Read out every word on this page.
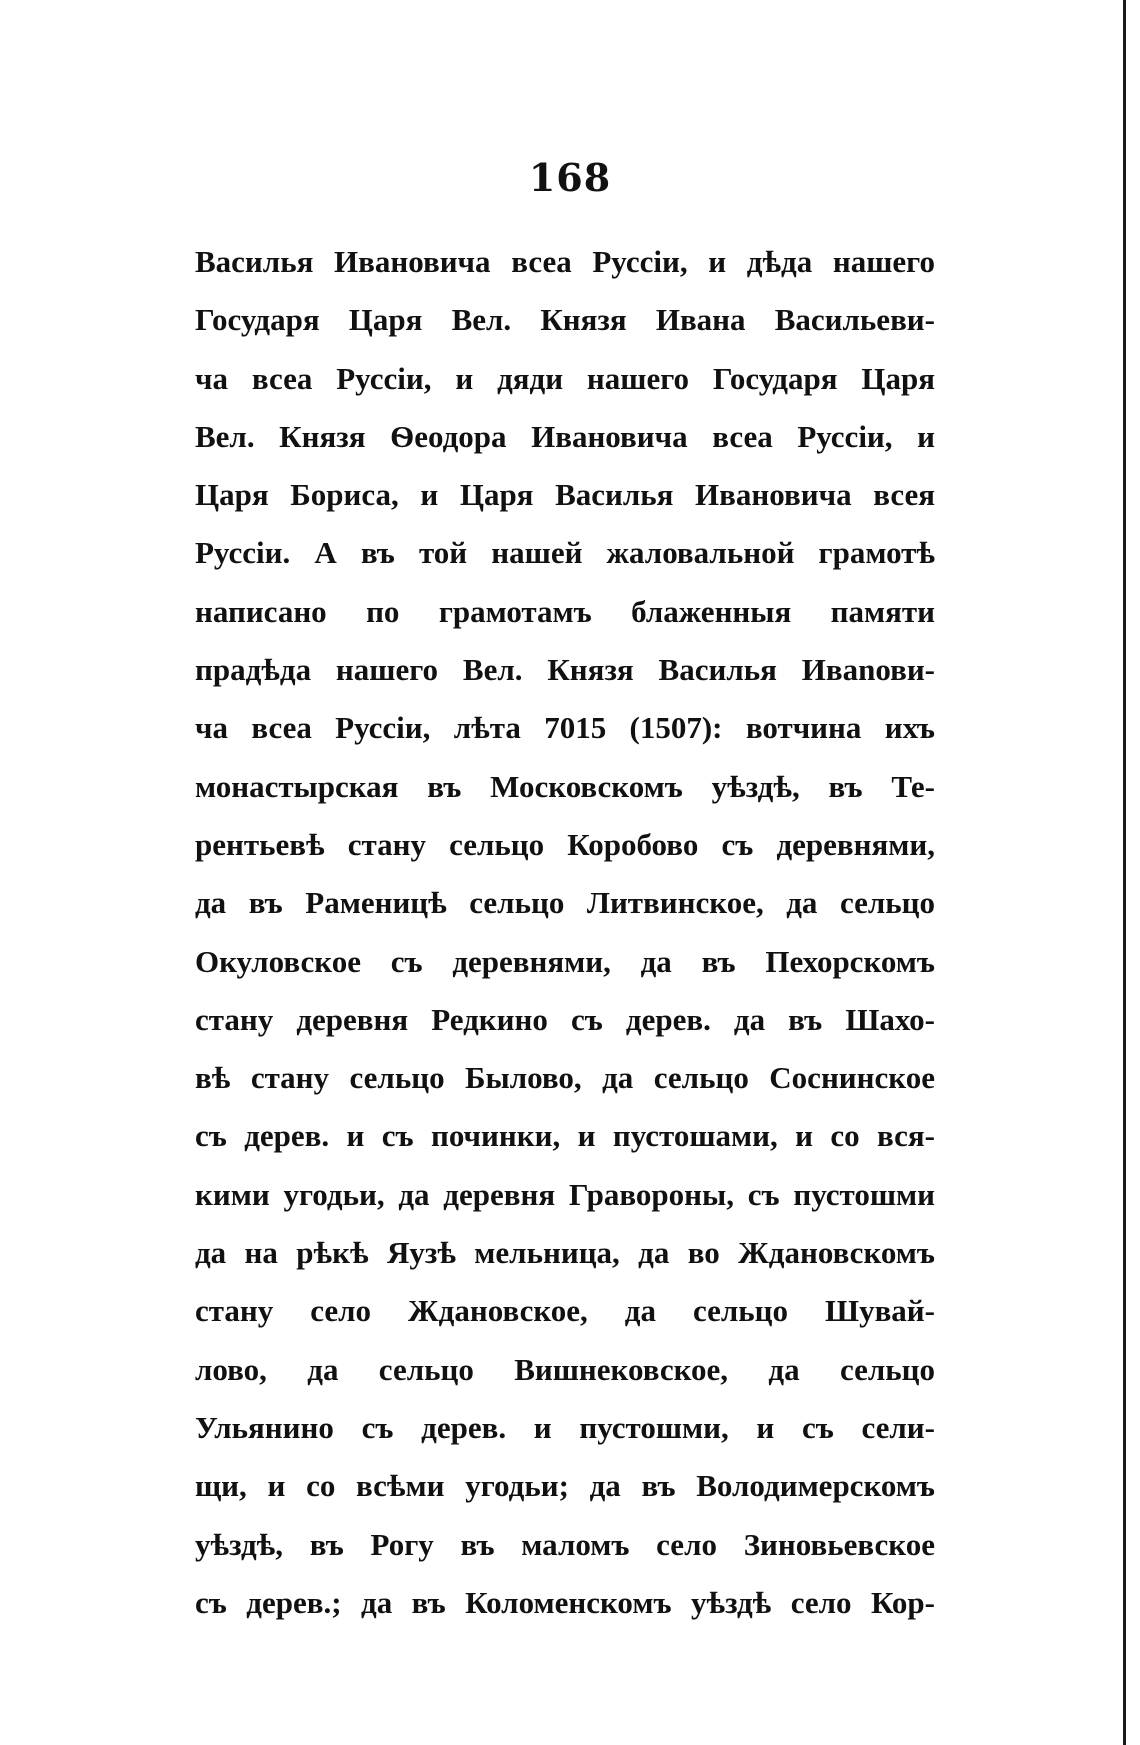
168
Василья Ивановича всеа Руссіи, и дѣда нашего
Государя Царя Вел. Князя Ивана Васильеви-
ча всеа Руссіи, и дяди нашего Государя Царя
Вел. Князя Ѳеодора Ивановича всеа Руссіи, и
Царя Бориса, и Царя Василья Ивановича всея
Руссіи. А въ той нашей жаловальной грамотѣ
написано по грамотамъ блаженныя памяти
прадѣда нашего Вел. Князя Василья Ивanови-
ча всеа Руссіи, лѣта 7015 (1507): вотчина ихъ
монастырская въ Московскомъ уѣздѣ, въ Те-
рентьевѣ стану сельцо Коробово съ деревнями,
да въ Раменицѣ сельцо Литвинское, да сельцо
Окуловское съ деревнями, да въ Пехорскомъ
стану деревня Редкино съ дерев. да въ Шахо-
вѣ стану сельцо Былово, да сельцо Соснинское
съ дерев. и съ починки, и пустошами, и со вся-
кими угодьи, да деревня Гравороны, съ пустошми
да на рѣкѣ Яузѣ мельница, да во Ждановскомъ
стану село Ждановское, да сельцо Шувай-
лово, да сельцо Вишнековское, да сельцо
Ульянино съ дерев. и пустошми, и съ сели-
щи, и со всѣми угодьи; да въ Володимерскомъ
уѣздѣ, въ Рогу въ маломъ село Зиновьевское
съ дерев.; да въ Коломенскомъ уѣздѣ село Кор-
